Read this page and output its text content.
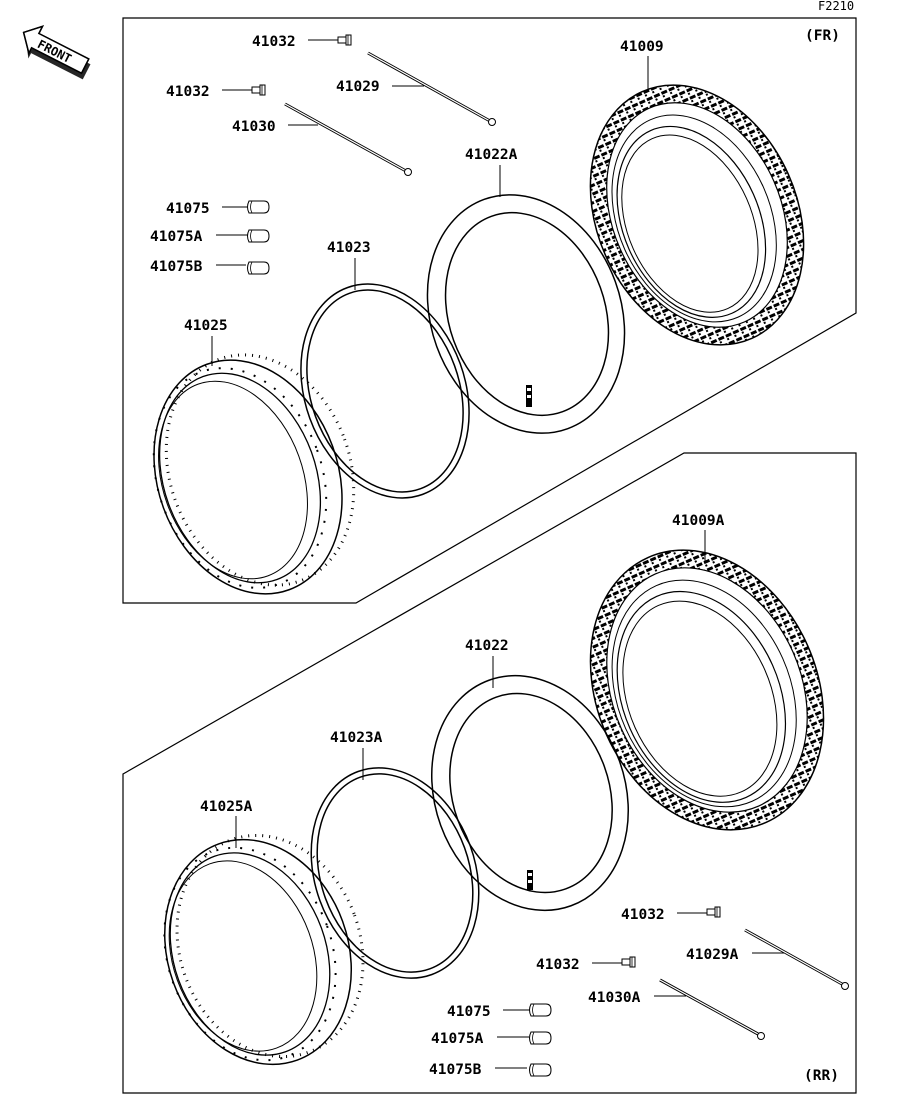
F2210
FRONT
(FR)
41032
41032	41029
41030
41075
41075A
41075B
41009
41022A
41023
41025
(RR)
41009A
41022
41023A
41025A
41032
41029A
41032
41030A
41075
41075A
41075B
